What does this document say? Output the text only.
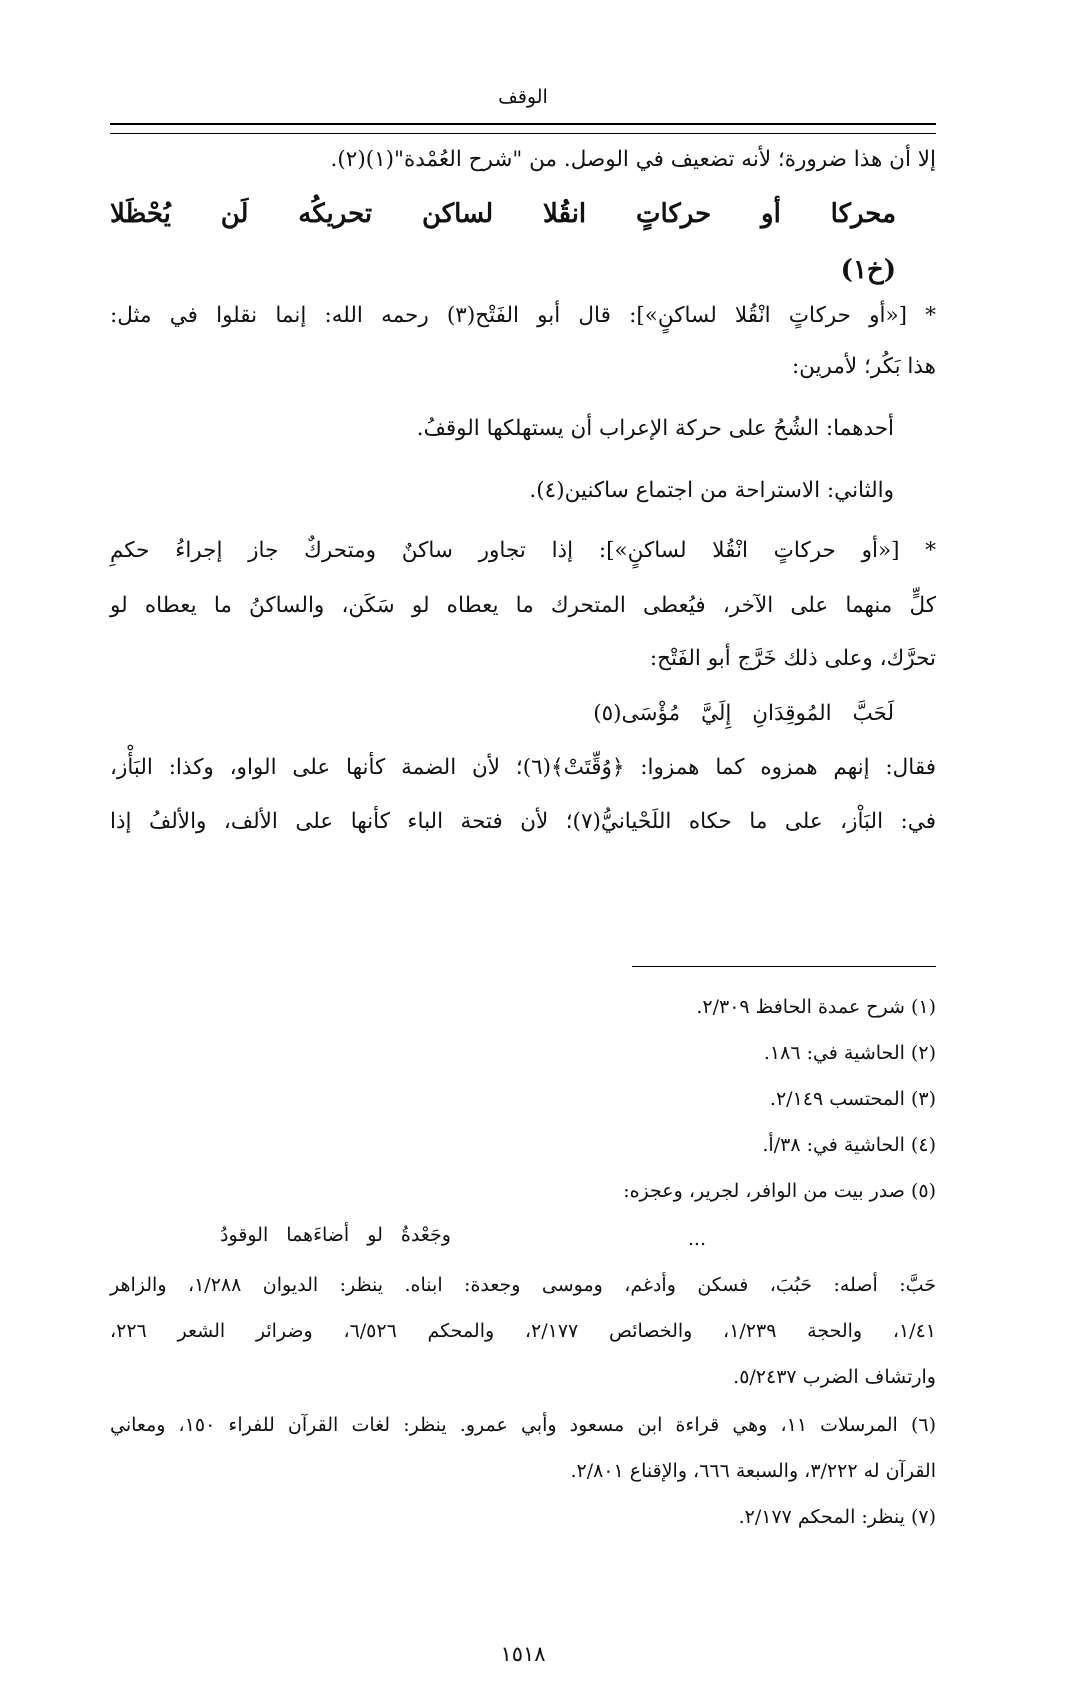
الوقف
إلا أن هذا ضرورة؛ لأنه تضعيف في الوصل. من "شرح العُمْدة"(١)(٢).
محركا أو حركاتٍ انقُلا لساكن تحريكُه لَن يُحْظَلا
(خ١)
* [«أو حركاتٍ انْقُلا لساكنٍ»]: قال أبو الفَتْح(٣) رحمه الله: إنما نقلوا في مثل:
هذا بَكُر؛ لأمرين:
أحدهما: الشُحُ على حركة الإعراب أن يستهلكها الوقفُ.
والثاني: الاستراحة من اجتماع ساكنين(٤).
* [«أو حركاتٍ انْقُلا لساكنٍ»]: إذا تجاور ساكنٌ ومتحركٌ جاز إجراءُ حكمِ
كلٍّ منهما على الآخر، فيُعطى المتحرك ما يعطاه لو سَكَن، والساكنُ ما يعطاه لو
تحرَّك، وعلى ذلك خَرَّج أبو الفَتْح:
لَحَبَّ المُوقِدَانِ إِلَيَّ مُؤْسَى(٥)
فقال: إنهم همزوه كما همزوا: ﴿وُقِّتَتْ﴾(٦)؛ لأن الضمة كأنها على الواو، وكذا: البَأْز،
في: البَاْز، على ما حكاه اللَحْيانيُّ(٧)؛ لأن فتحة الباء كأنها على الألف، والألفُ إذا
(١) شرح عمدة الحافظ ٢/٣٠٩.
(٢) الحاشية في: ١٨٦.
(٣) المحتسب ٢/١٤٩.
(٤) الحاشية في: ٣٨/أ.
(٥) صدر بيت من الوافر، لجرير، وعجزه:
...
وجَعْدةُ لو أضاءَهما الوقودُ
حَبَّ: أصله: حَبُبَ، فسكن وأدغم، وموسى وجعدة: ابناه. ينظر: الديوان ١/٢٨٨، والزاهر
١/٤١، والحجة ١/٢٣٩، والخصائص ٢/١٧٧، والمحكم ٦/٥٢٦، وضرائر الشعر ٢٢٦،
وارتشاف الضرب ٥/٢٤٣٧.
(٦) المرسلات ١١، وهي قراءة ابن مسعود وأبي عمرو. ينظر: لغات القرآن للفراء ١٥٠، ومعاني
القرآن له ٣/٢٢٢، والسبعة ٦٦٦، والإقناع ٢/٨٠١.
(٧) ينظر: المحكم ٢/١٧٧.
١٥١٨
